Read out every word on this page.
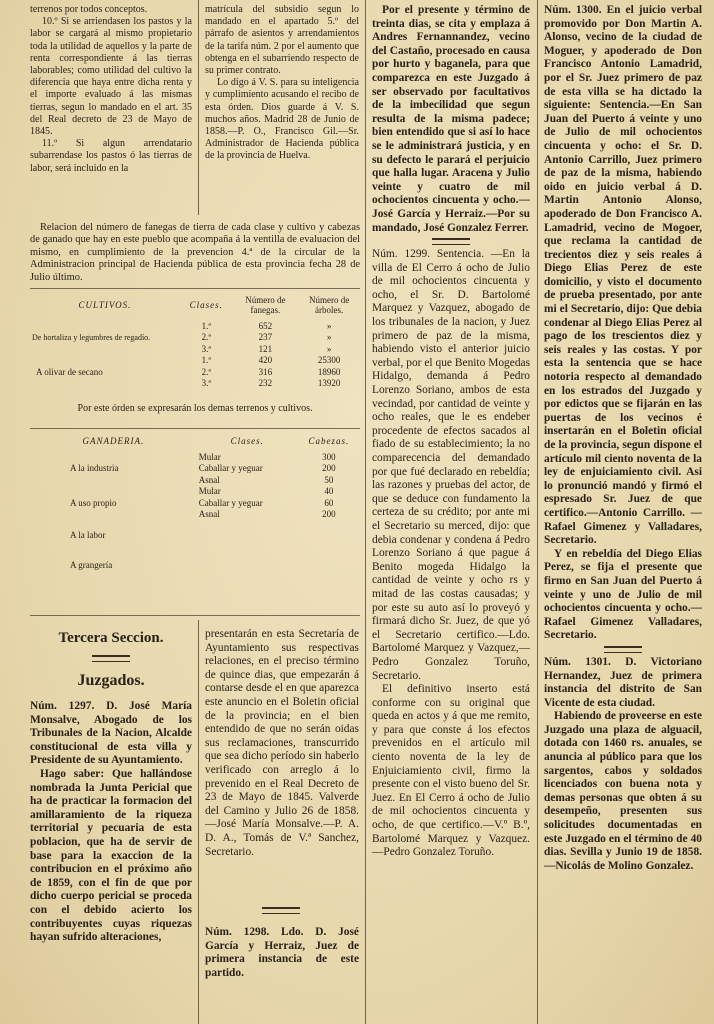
terrenos por todos conceptos.

10.º Si se arriendasen los pastos y la labor se cargará al mismo propietario toda la utilidad de aquellos y la parte de renta correspondiente á las tierras laborables; como utilidad del cultivo la diferencia que haya entre dicha renta y el importe evaluado á las mismas tierras, segun lo mandado en el art. 35 del Real decreto de 23 de Mayo de 1845.

11.º Si algun arrendatario subarrendase los pastos ó las tierras de labor, será incluido en la

matrícula del subsidio segun lo mandado en el apartado 5.º del párrafo de asientos y arrendamientos de la tarifa núm. 2 por el aumento que obtenga en el subarriendo respecto de su primer contrato.

Lo digo á V. S. para su inteligencia y cumplimiento acusando el recibo de esta órden. Dios guarde á V. S. muchos años. Madrid 28 de Junio de 1858.—P. O., Francisco Gil.—Sr. Administrador de Hacienda pública de la provincia de Huelva.

Relacion del número de fanegas de tierra de cada clase y cultivo y cabezas de ganado que hay en este pueblo que acompaña á la ventilla de evaluacion del mismo, en cumplimiento de la prevencion 4.ª de la circular de la Administracion principal de Hacienda pública de esta provincia fecha 28 de Julio último.

CULTIVOS.	Clases.	Número de fanegas.	Número de árboles.
	1.ª	652	»
De hortaliza y legumbres de regadío.	2.ª	237	»
	3.ª	121	»
	1.ª	420	25300
A olivar de secano	2.ª	316	18960
	3.ª	232	13920

Por este órden se expresarán los demas terrenos y cultivos.

GANADERIA.	Clases.	Cabezas.
	Mular	300
A la industria	Caballar y yeguar	200
	Asnal	50
	Mular	40
A uso propio	Caballar y yeguar	60
	Asnal	200
A la labor		
A grangería		
Tercera Seccion.
Juzgados.

Núm. 1297. D. José María Monsalve, Abogado de los Tribunales de la Nacion, Alcalde constitucional de esta villa y Presidente de su Ayuntamiento.

Hago saber: Que hallándose nombrada la Junta Pericial que ha de practicar la formacion del amillaramiento de la riqueza territorial y pecuaria de esta poblacion, que ha de servir de base para la exaccion de la contribucion en el próximo año de 1859, con el fin de que por dicho cuerpo pericial se proceda con el debido acierto los contribuyentes cuyas riquezas hayan sufrido alteraciones,

presentarán en esta Secretaría de Ayuntamiento sus respectivas relaciones, en el preciso término de quince dias, que empezarán á contarse desde el en que aparezca este anuncio en el Boletin oficial de la provincia; en el bien entendido de que no serán oidas sus reclamaciones, transcurrido que sea dicho período sin haberlo verificado con arreglo á lo prevenido en el Real Decreto de 23 de Mayo de 1845. Valverde del Camino y Julio 26 de 1858.—José María Monsalve.—P. A. D. A., Tomás de V.ª Sanchez, Secretario.

Núm. 1298. Ldo. D. José García y Herraiz, Juez de primera instancia de este partido.

Por el presente y término de treinta dias, se cita y emplaza á Andres Fernannandez, vecino del Castaño, procesado en causa por hurto y baganela, para que comparezca en este Juzgado á ser observado por facultativos de la imbecilidad que segun resulta de la misma padece; bien entendido que si así lo hace se le administrará justicia, y en su defecto le parará el perjuicio que halla lugar. Aracena y Julio veinte y cuatro de mil ochocientos cincuenta y ocho.—José García y Herraiz.—Por su mandado, José Gonzalez Ferrer.

Núm. 1299. Sentencia. —En la villa de El Cerro á ocho de Julio de mil ochocientos cincuenta y ocho, el Sr. D. Bartolomé Marquez y Vazquez, abogado de los tribunales de la nacion, y Juez primero de paz de la misma, habiendo visto el anterior juicio verbal, por el que Benito Mogedas Hidalgo, demanda á Pedro Lorenzo Soriano, ambos de esta vecindad, por cantidad de veinte y ocho reales, que le es endeber procedente de efectos sacados al fiado de su establecimiento; la no comparecencia del demandado por que fué declarado en rebeldía; las razones y pruebas del actor, de que se deduce con fundamento la certeza de su crédito; por ante mi el Secretario su merced, dijo: que debia condenar y condena á Pedro Lorenzo Soriano á que pague á Benito mogeda Hidalgo la cantidad de veinte y ocho rs y mitad de las costas causadas; y por este su auto así lo proveyó y firmará dicho Sr. Juez, de que yó el Secretario certifico.—Ldo. Bartolomé Marquez y Vazquez,—Pedro Gonzalez Toruño, Secretario.

El definitivo inserto está conforme con su original que queda en actos y á que me remito, y para que conste á los efectos prevenidos en el artículo mil ciento noventa de la ley de Enjuiciamiento civil, firmo la presente con el visto bueno del Sr. Juez. En El Cerro á ocho de Julio de mil ochocientos cincuenta y ocho, de que certifico.—V.º B.º, Bartolomé Marquez y Vazquez. —Pedro Gonzalez Toruño.

Núm. 1300. En el juicio verbal promovido por Don Martin A. Alonso, vecino de la ciudad de Moguer, y apoderado de Don Francisco Antonio Lamadrid, por el Sr. Juez primero de paz de esta villa se ha dictado la siguiente: Sentencia.—En San Juan del Puerto á veinte y uno de Julio de mil ochocientos cincuenta y ocho: el Sr. D. Antonio Carrillo, Juez primero de paz de la misma, habiendo oido en juicio verbal á D. Martin Antonio Alonso, apoderado de Don Francisco A. Lamadrid, vecino de Mogoer, que reclama la cantidad de trecientos diez y seis reales á Diego Elias Perez de este domicilio, y visto el documento de prueba presentado, por ante mi el Secretario, dijo: Que debia condenar al Diego Elias Perez al pago de los trescientos diez y seis reales y las costas. Y por esta la sentencia que se hace notoria respecto al demandado en los estrados del Juzgado y por edictos que se fijarán en las puertas de los vecinos é insertarán en el Boletin oficial de la provincia, segun dispone el artículo mil ciento noventa de la ley de enjuiciamiento civil. Asi lo pronunció mandó y firmó el espresado Sr. Juez de que certifico.—Antonio Carrillo. —Rafael Gimenez y Valladares, Secretario.

Y en rebeldía del Diego Elias Perez, se fija el presente que firmo en San Juan del Puerto á veinte y uno de Julio de mil ochocientos cincuenta y ocho.—Rafael Gimenez Valladares, Secretario.

Núm. 1301. D. Victoriano Hernandez, Juez de primera instancia del distrito de San Vicente de esta ciudad.

Habiendo de proveerse en este Juzgado una plaza de alguacil, dotada con 1460 rs. anuales, se anuncia al público para que los sargentos, cabos y soldados licenciados con buena nota y demas personas que obten á su desempeño, presenten sus solicitudes documentadas en este Juzgado en el término de 40 dias. Sevilla y Junio 19 de 1858.—Nicolás de Molino Gonzalez.
